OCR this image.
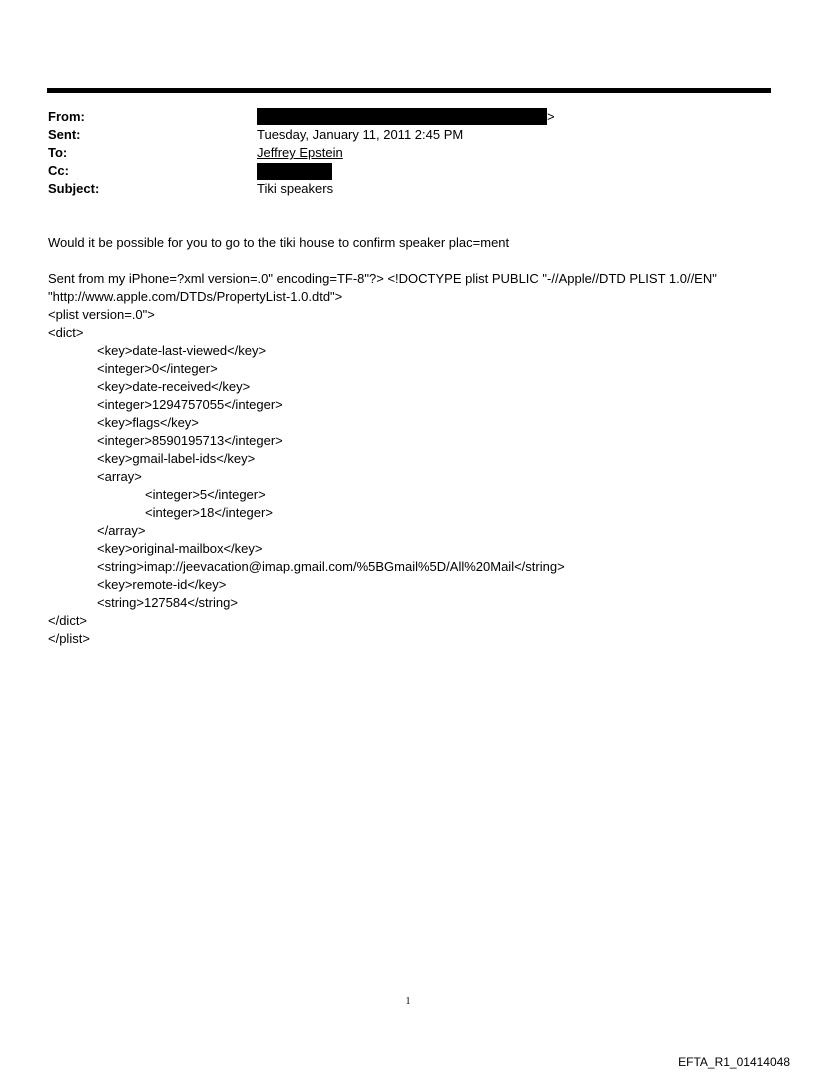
From:	>
Sent:	Tuesday, January 11, 2011 2:45 PM
To:	Jeffrey Epstein
Cc:
Subject:	Tiki speakers

Would it be possible for you to go to the tiki house to confirm speaker plac=ment

Sent from my iPhone=?xml version=.0" encoding=TF-8"?> <!DOCTYPE plist PUBLIC "-//Apple//DTD PLIST 1.0//EN"

"http://www.apple.com/DTDs/PropertyList-1.0.dtd">

<plist version=.0">

<dict>

<key>date-last-viewed</key>

<integer>0</integer>

<key>date-received</key>

<integer>1294757055</integer>

<key>flags</key>

<integer>8590195713</integer>

<key>gmail-label-ids</key>

<array>

<integer>5</integer>

<integer>18</integer>

</array>

<key>original-mailbox</key>

<string>imap://jeevacation@imap.gmail.com/%5BGmail%5D/All%20Mail</string>

<key>remote-id</key>

<string>127584</string>

</dict>

</plist>

1
EFTA_R1_01414048
